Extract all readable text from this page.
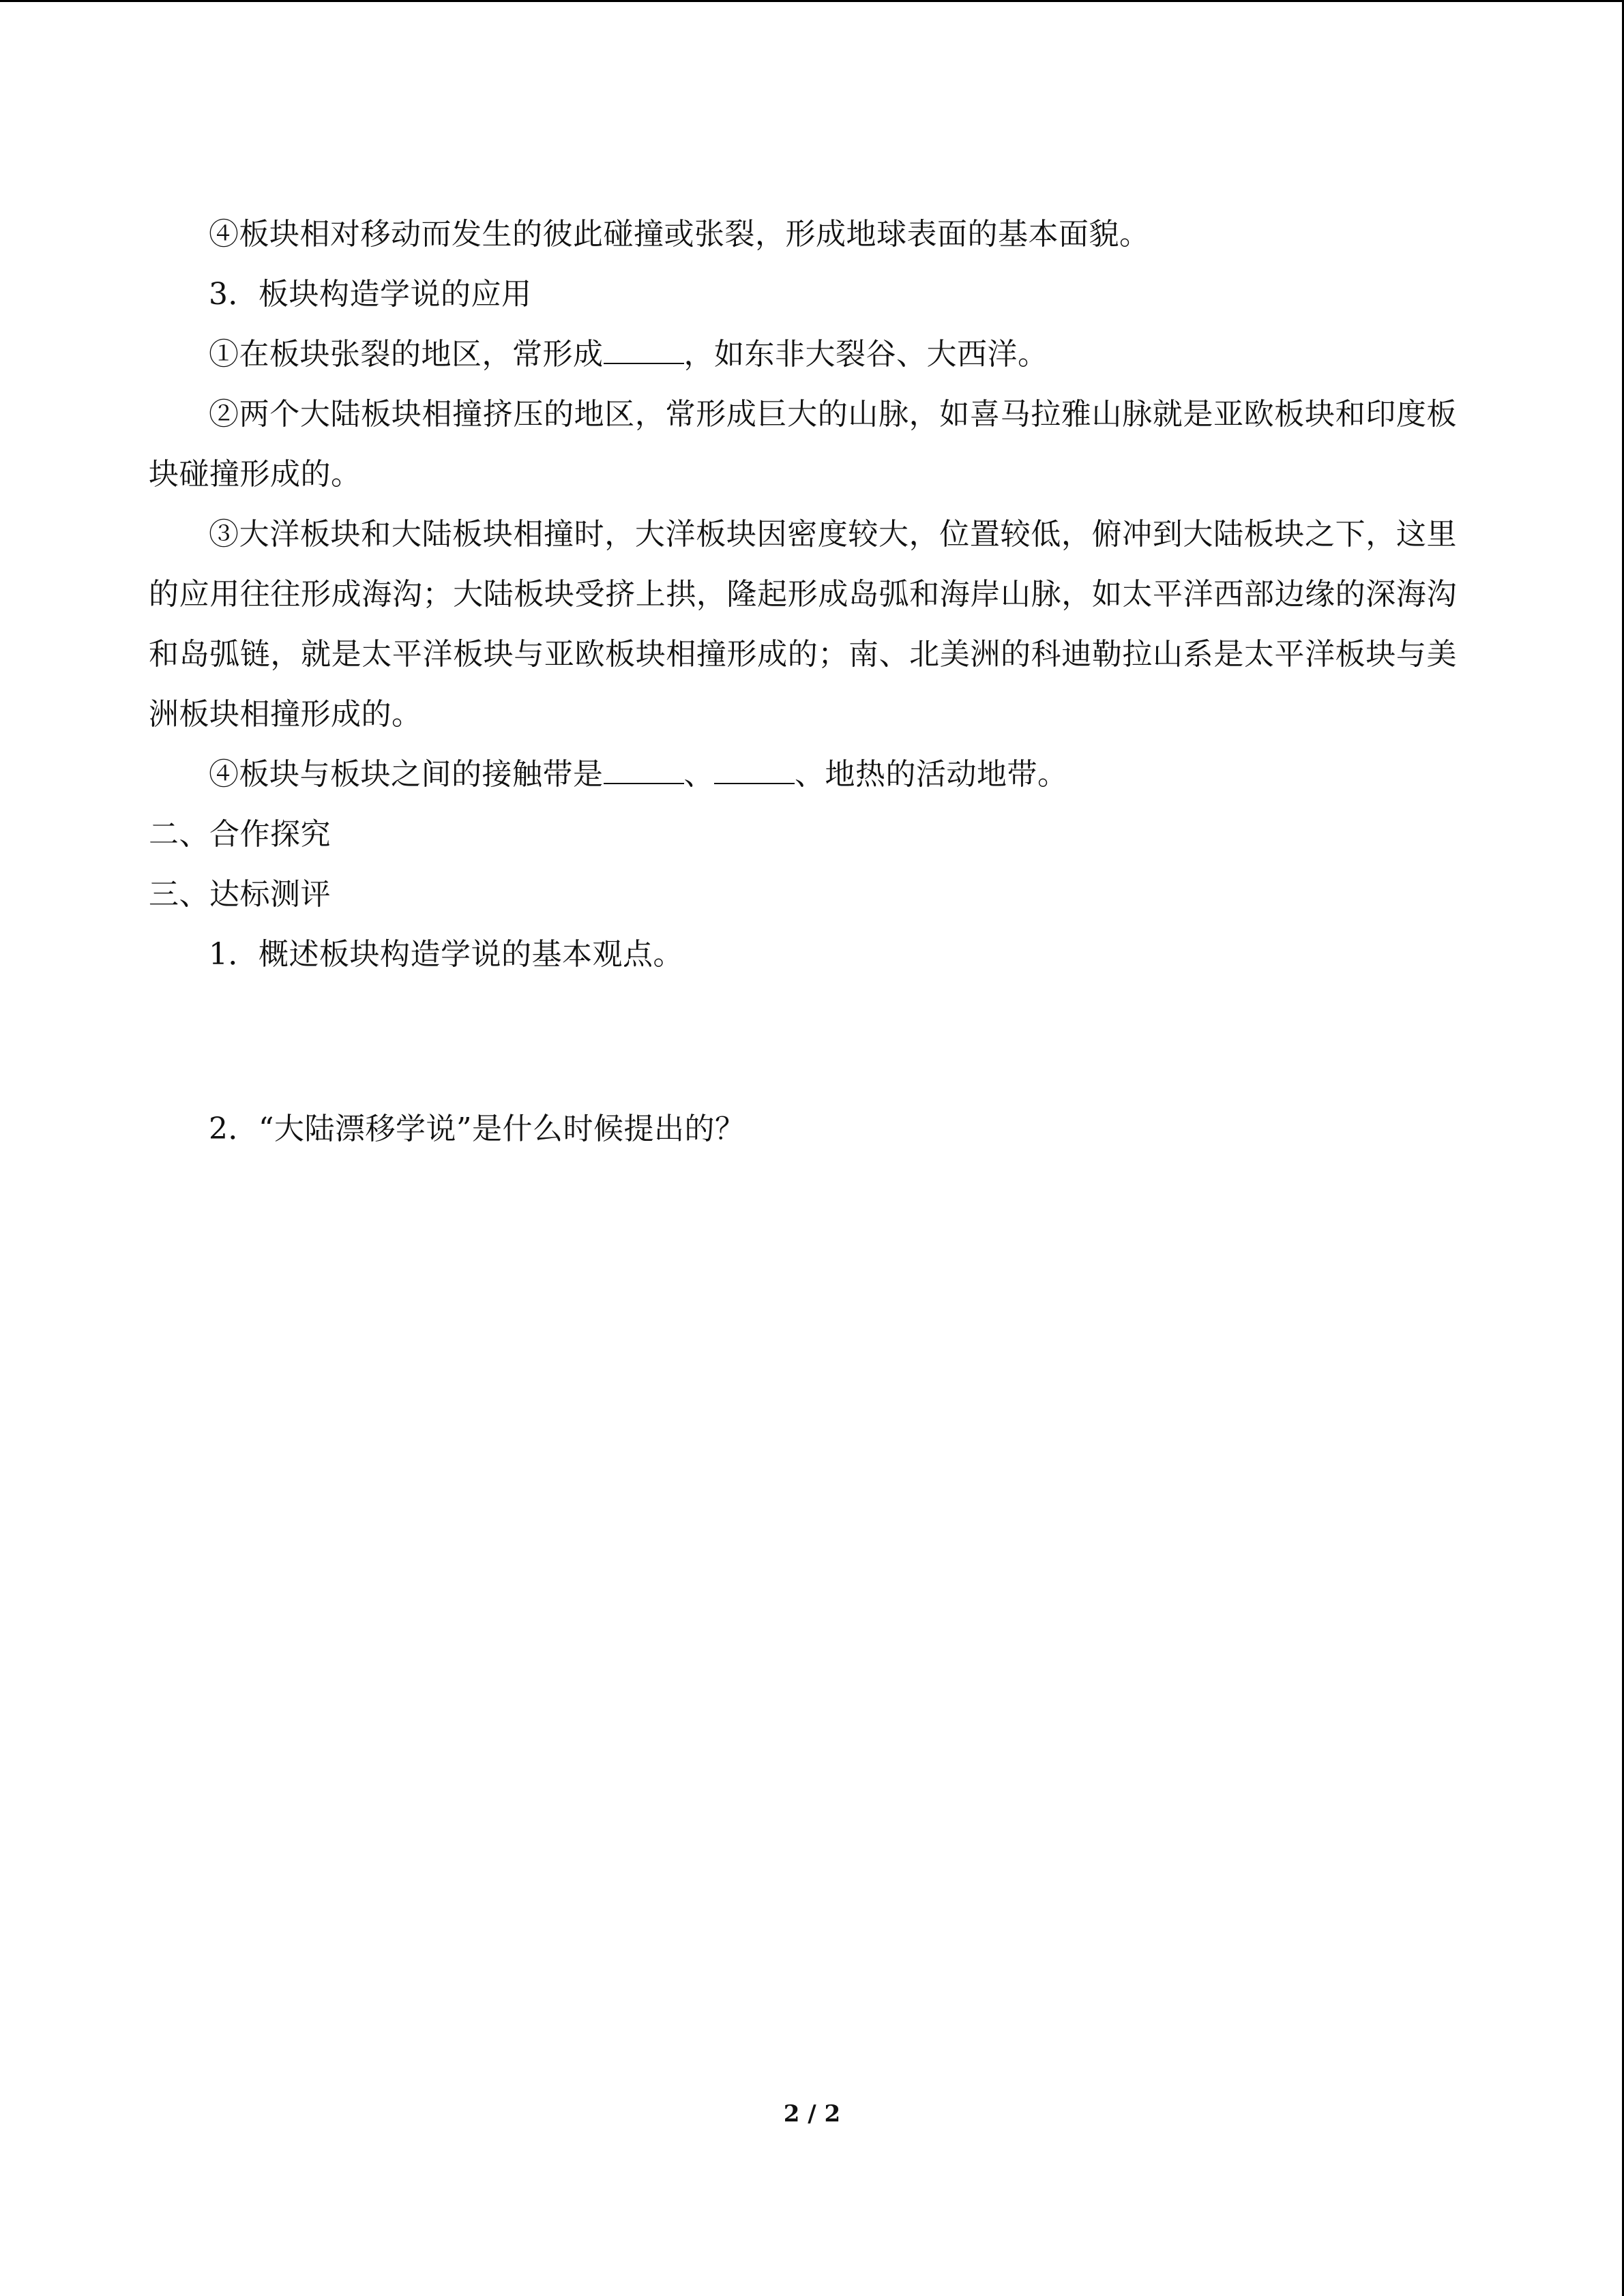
④板块相对移动而发生的彼此碰撞或张裂，形成地球表面的基本面貌。
3．板块构造学说的应用
①在板块张裂的地区，常形成	，如东非大裂谷、大西洋。
②两个大陆板块相撞挤压的地区，常形成巨大的山脉，如喜马拉雅山脉就是亚欧板块和印度板块碰撞形成的。
③大洋板块和大陆板块相撞时，大洋板块因密度较大，位置较低，俯冲到大陆板块之下，这里的应用往往形成海沟；大陆板块受挤上拱，隆起形成岛弧和海岸山脉，如太平洋西部边缘的深海沟和岛弧链，就是太平洋板块与亚欧板块相撞形成的；南、北美洲的科迪勒拉山系是太平洋板块与美洲板块相撞形成的。
④板块与板块之间的接触带是	、	、地热的活动地带。
二、合作探究
三、达标测评
1．概述板块构造学说的基本观点。
2．“大陆漂移学说”是什么时候提出的？
2 / 2
